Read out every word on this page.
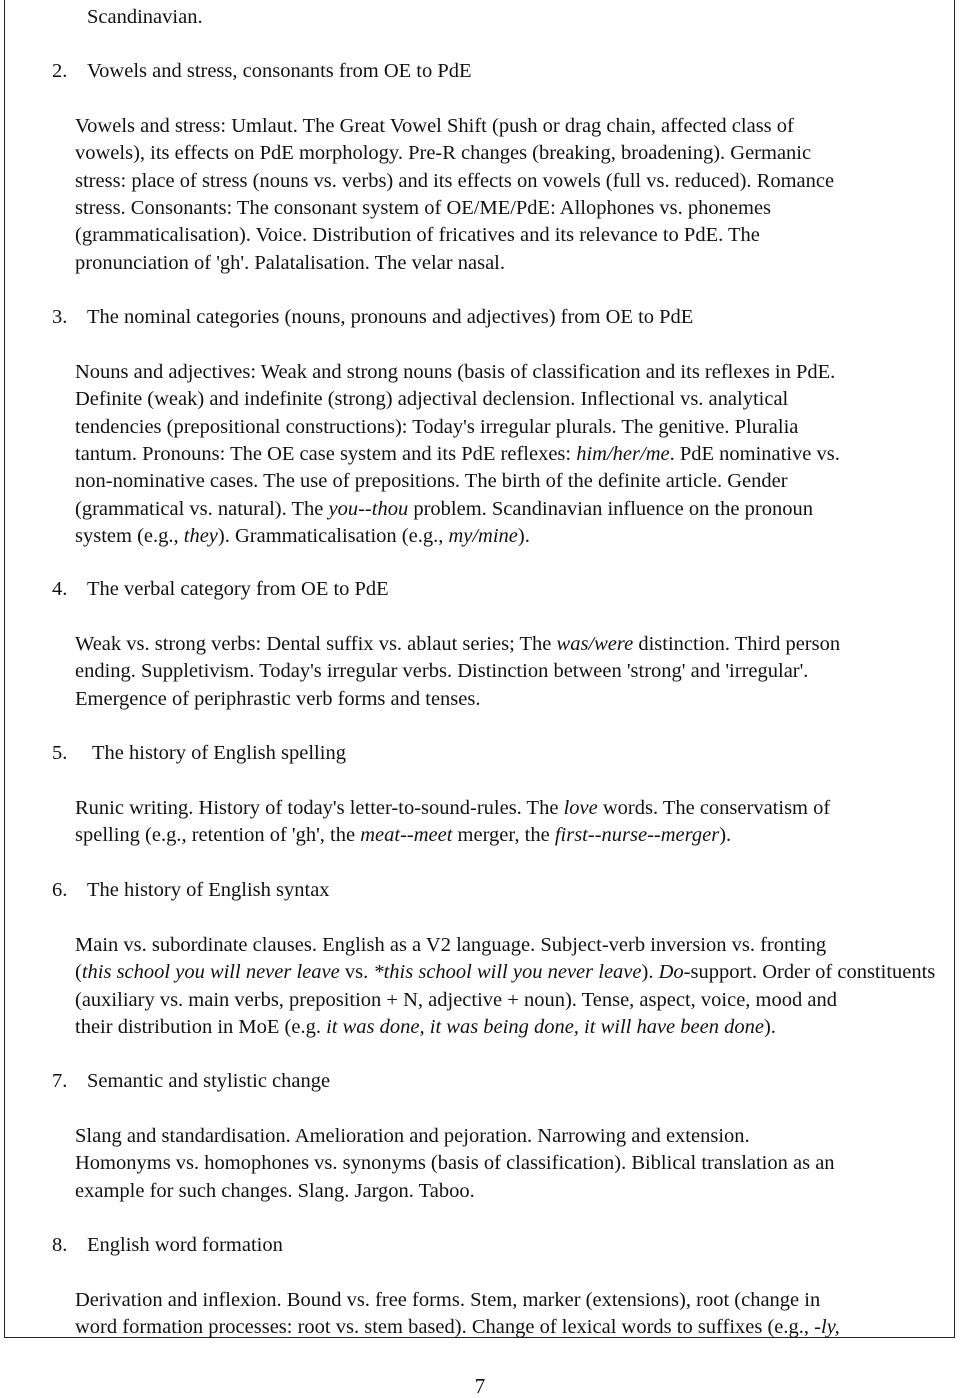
Scandinavian.
2. Vowels and stress, consonants from OE to PdE
Vowels and stress: Umlaut. The Great Vowel Shift (push or drag chain, affected class of
vowels), its effects on PdE morphology. Pre-R changes (breaking, broadening). Germanic
stress: place of stress (nouns vs. verbs) and its effects on vowels (full vs. reduced). Romance
stress. Consonants: The consonant system of OE/ME/PdE: Allophones vs. phonemes
(grammaticalisation). Voice. Distribution of fricatives and its relevance to PdE. The
pronunciation of 'gh'. Palatalisation. The velar nasal.
3. The nominal categories (nouns, pronouns and adjectives) from OE to PdE
Nouns and adjectives: Weak and strong nouns (basis of classification and its reflexes in PdE.
Definite (weak) and indefinite (strong) adjectival declension. Inflectional vs. analytical
tendencies (prepositional constructions): Today's irregular plurals. The genitive. Pluralia
tantum. Pronouns: The OE case system and its PdE reflexes: him/her/me. PdE nominative vs.
non-nominative cases. The use of prepositions. The birth of the definite article. Gender
(grammatical vs. natural). The you--thou problem. Scandinavian influence on the pronoun
system (e.g., they). Grammaticalisation (e.g., my/mine).
4. The verbal category from OE to PdE
Weak vs. strong verbs: Dental suffix vs. ablaut series; The was/were distinction. Third person
ending. Suppletivism. Today's irregular verbs. Distinction between 'strong' and 'irregular'.
Emergence of periphrastic verb forms and tenses.
5. The history of English spelling
Runic writing. History of today's letter-to-sound-rules. The love words. The conservatism of
spelling (e.g., retention of 'gh', the meat--meet merger, the first--nurse--merger).
6. The history of English syntax
Main vs. subordinate clauses. English as a V2 language. Subject-verb inversion vs. fronting
(this school you will never leave vs. *this school will you never leave). Do-support. Order of constituents
(auxiliary vs. main verbs, preposition + N, adjective + noun). Tense, aspect, voice, mood and
their distribution in MoE (e.g. it was done, it was being done, it will have been done).
7. Semantic and stylistic change
Slang and standardisation. Amelioration and pejoration. Narrowing and extension.
Homonyms vs. homophones vs. synonyms (basis of classification). Biblical translation as an
example for such changes. Slang. Jargon. Taboo.
8. English word formation
Derivation and inflexion. Bound vs. free forms. Stem, marker (extensions), root (change in
word formation processes: root vs. stem based). Change of lexical words to suffixes (e.g., -ly,
7
